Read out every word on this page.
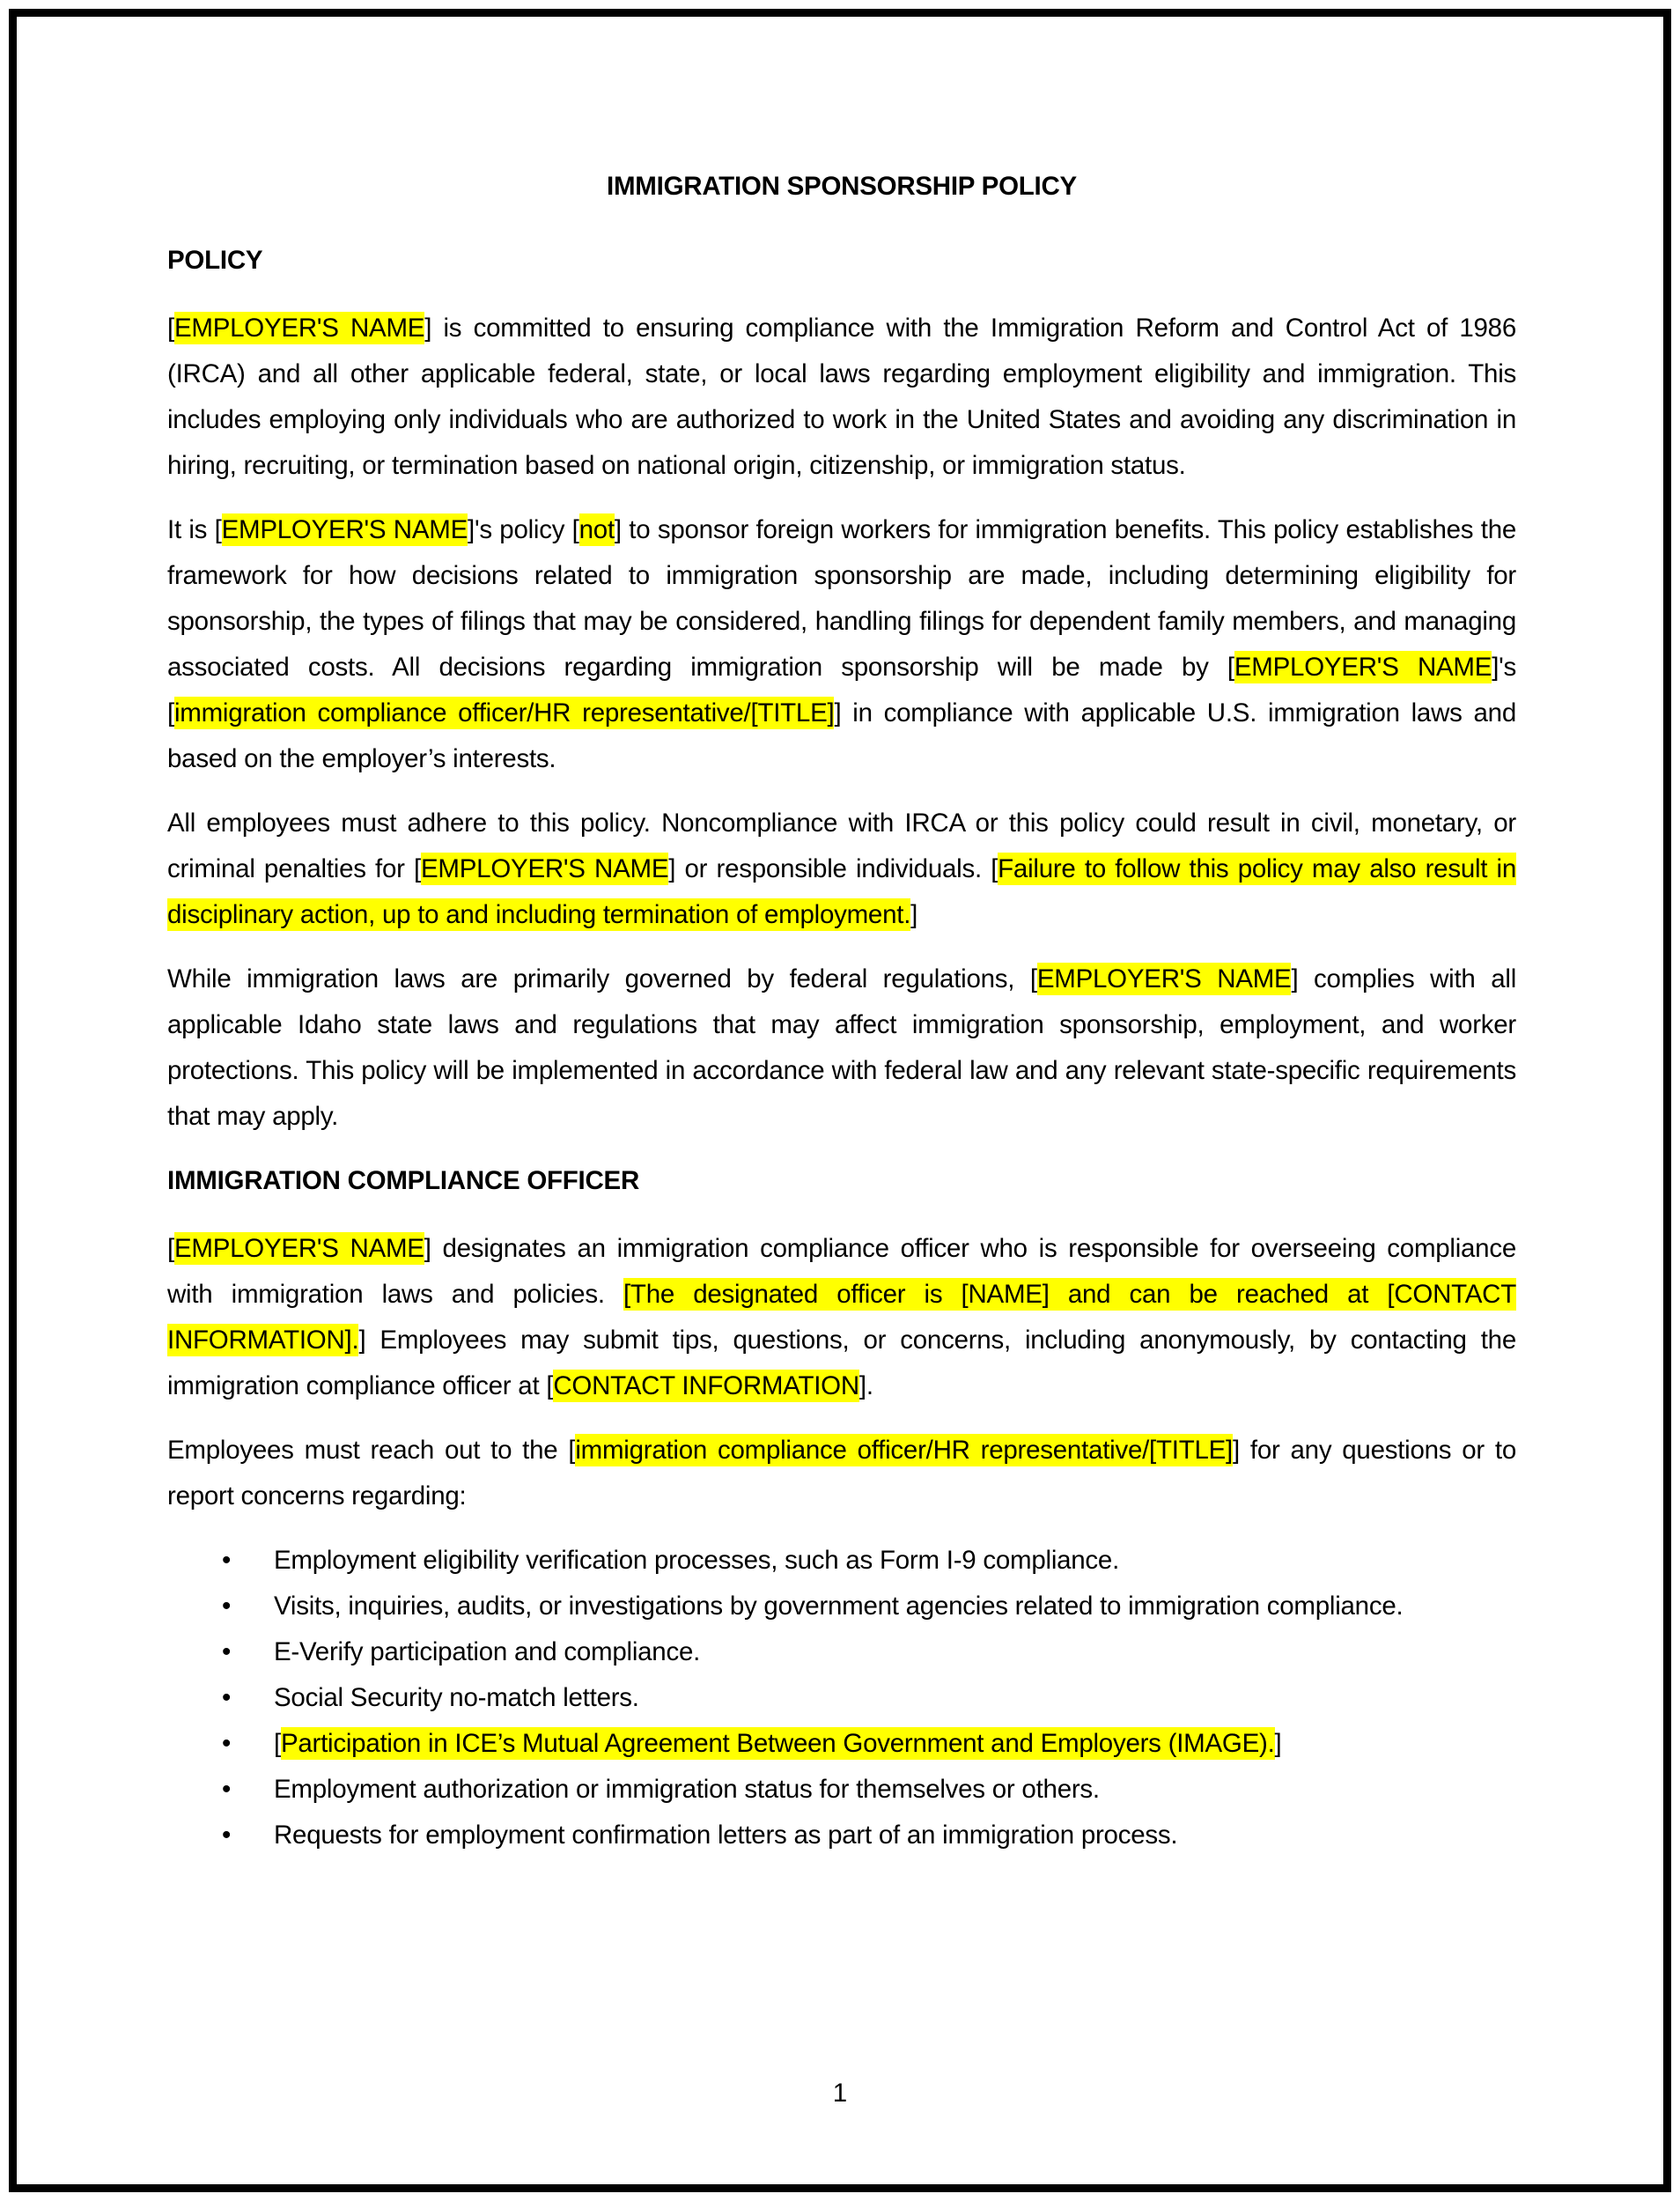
IMMIGRATION SPONSORSHIP POLICY
POLICY

[EMPLOYER'S NAME] is committed to ensuring compliance with the Immigration Reform and Control Act of 1986 (IRCA) and all other applicable federal, state, or local laws regarding employment eligibility and immigration. This includes employing only individuals who are authorized to work in the United States and avoiding any discrimination in hiring, recruiting, or termination based on national origin, citizenship, or immigration status.

It is [EMPLOYER'S NAME]'s policy [not] to sponsor foreign workers for immigration benefits. This policy establishes the framework for how decisions related to immigration sponsorship are made, including determining eligibility for sponsorship, the types of filings that may be considered, handling filings for dependent family members, and managing associated costs. All decisions regarding immigration sponsorship will be made by [EMPLOYER'S NAME]'s [immigration compliance officer/HR representative/[TITLE]] in compliance with applicable U.S. immigration laws and based on the employer’s interests.

All employees must adhere to this policy. Noncompliance with IRCA or this policy could result in civil, monetary, or criminal penalties for [EMPLOYER'S NAME] or responsible individuals. [Failure to follow this policy may also result in disciplinary action, up to and including termination of employment.]

While immigration laws are primarily governed by federal regulations, [EMPLOYER'S NAME] complies with all applicable Idaho state laws and regulations that may affect immigration sponsorship, employment, and worker protections. This policy will be implemented in accordance with federal law and any relevant state-specific requirements that may apply.

IMMIGRATION COMPLIANCE OFFICER

[EMPLOYER'S NAME] designates an immigration compliance officer who is responsible for overseeing compliance with immigration laws and policies. [The designated officer is [NAME] and can be reached at [CONTACT INFORMATION].] Employees may submit tips, questions, or concerns, including anonymously, by contacting the immigration compliance officer at [CONTACT INFORMATION].

Employees must reach out to the [immigration compliance officer/HR representative/[TITLE]] for any questions or to report concerns regarding:

• Employment eligibility verification processes, such as Form I-9 compliance.
• Visits, inquiries, audits, or investigations by government agencies related to immigration compliance.
• E-Verify participation and compliance.
• Social Security no-match letters.
• [Participation in ICE’s Mutual Agreement Between Government and Employers (IMAGE).]
• Employment authorization or immigration status for themselves or others.
• Requests for employment confirmation letters as part of an immigration process.
1
